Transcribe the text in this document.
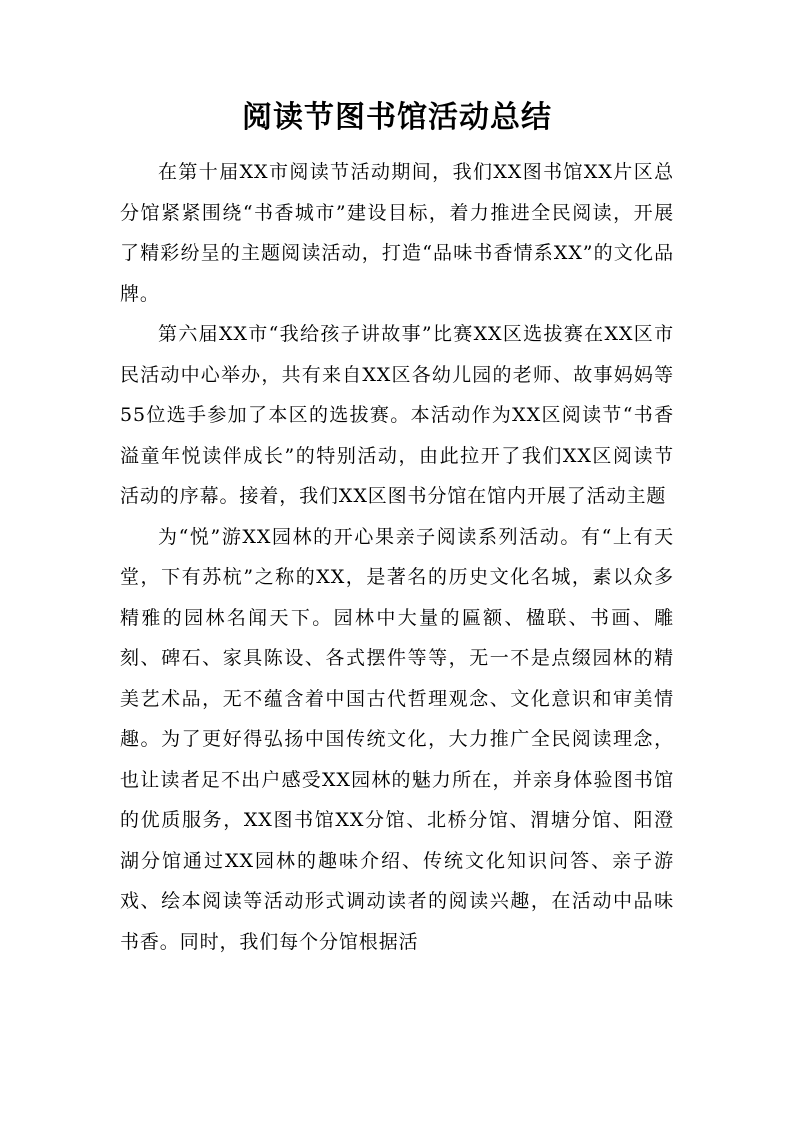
阅读节图书馆活动总结

在第十届XX市阅读节活动期间，我们XX图书馆XX片区总分馆紧紧围绕“书香城市”建设目标，着力推进全民阅读，开展了精彩纷呈的主题阅读活动，打造“品味书香情系XX”的文化品牌。

第六届XX市“我给孩子讲故事”比赛XX区选拔赛在XX区市民活动中心举办，共有来自XX区各幼儿园的老师、故事妈妈等55位选手参加了本区的选拔赛。本活动作为XX区阅读节“书香溢童年悦读伴成长”的特别活动，由此拉开了我们XX区阅读节活动的序幕。接着，我们XX区图书分馆在馆内开展了活动主题

为“悦”游XX园林的开心果亲子阅读系列活动。有“上有天堂，下有苏杭”之称的XX，是著名的历史文化名城，素以众多精雅的园林名闻天下。园林中大量的匾额、楹联、书画、雕刻、碑石、家具陈设、各式摆件等等，无一不是点缀园林的精美艺术品，无不蕴含着中国古代哲理观念、文化意识和审美情趣。为了更好得弘扬中国传统文化，大力推广全民阅读理念，也让读者足不出户感受XX园林的魅力所在，并亲身体验图书馆的优质服务，XX图书馆XX分馆、北桥分馆、渭塘分馆、阳澄湖分馆通过XX园林的趣味介绍、传统文化知识问答、亲子游戏、绘本阅读等活动形式调动读者的阅读兴趣，在活动中品味书香。同时，我们每个分馆根据活
